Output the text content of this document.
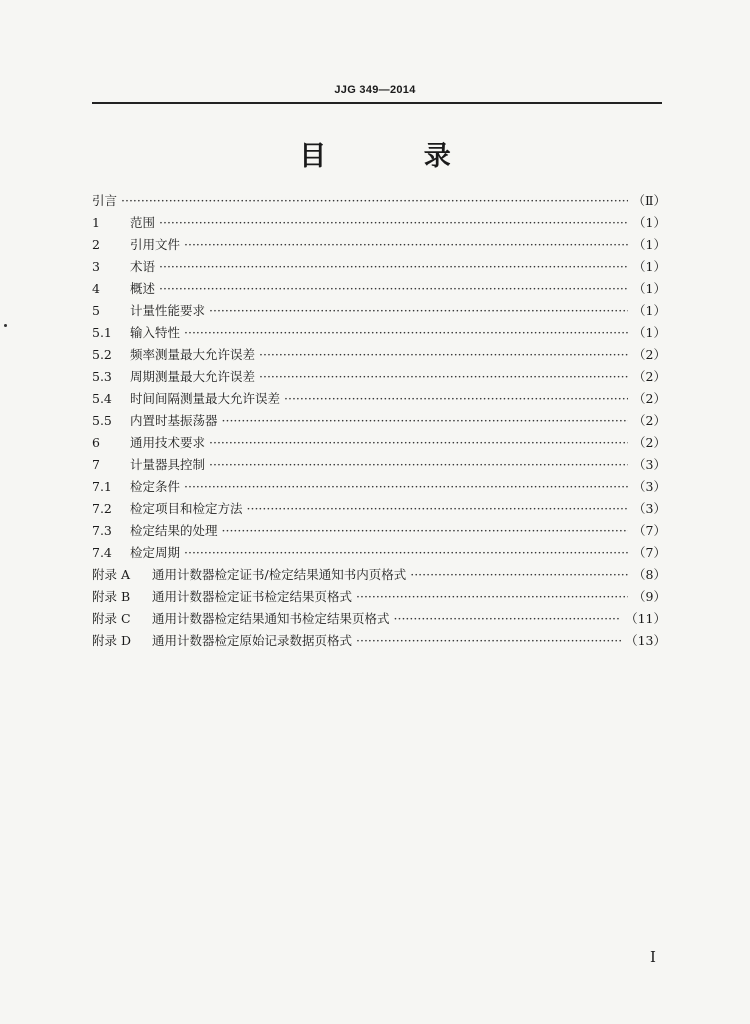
JJG 349—2014
目 录
引言 ·····	（Ⅱ）
1	范围 ·····	（1）
2	引用文件 ·····	（1）
3	术语 ·····	（1）
4	概述 ·····	（1）
5	计量性能要求 ·····	（1）
5.1	输入特性 ·····	（1）
5.2	频率测量最大允许误差 ·····	（2）
5.3	周期测量最大允许误差 ·····	（2）
5.4	时间间隔测量最大允许误差 ·····	（2）
5.5	内置时基振荡器 ·····	（2）
6	通用技术要求 ·····	（2）
7	计量器具控制 ·····	（3）
7.1	检定条件 ·····	（3）
7.2	检定项目和检定方法 ·····	（3）
7.3	检定结果的处理 ·····	（7）
7.4	检定周期 ·····	（7）
附录 A	通用计数器检定证书/检定结果通知书内页格式 ·····	（8）
附录 B	通用计数器检定证书检定结果页格式 ·····	（9）
附录 C	通用计数器检定结果通知书检定结果页格式 ·····	（11）
附录 D	通用计数器检定原始记录数据页格式 ·····	（13）
I
